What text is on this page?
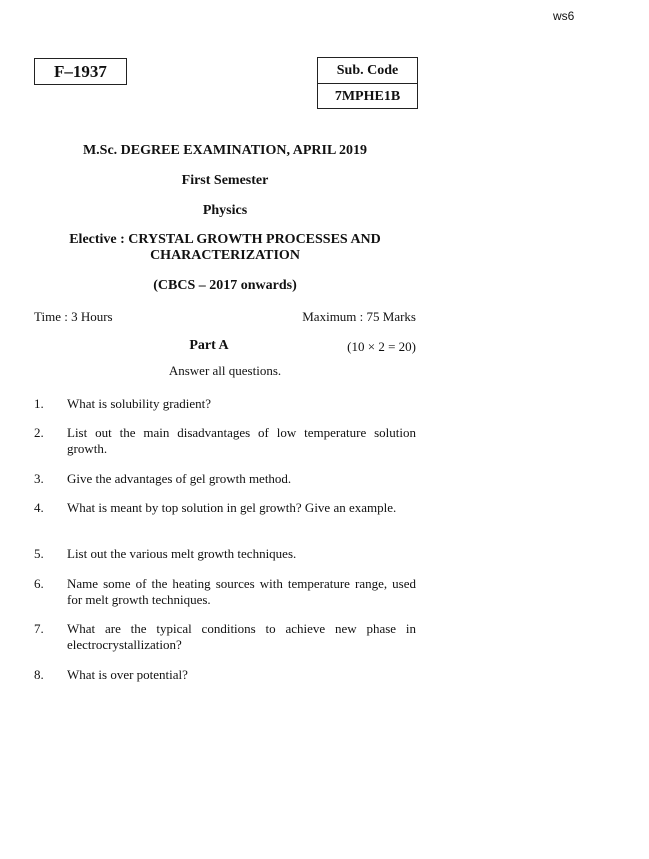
ws6
F–1937	Sub. Code
7MPHE1B
M.Sc. DEGREE EXAMINATION, APRIL 2019
First Semester
Physics
Elective : CRYSTAL GROWTH PROCESSES AND
CHARACTERIZATION
(CBCS – 2017 onwards)
Time : 3 Hours	Maximum : 75 Marks
Part A	(10 × 2 = 20)
Answer all questions.
1. What is solubility gradient?
2. List out the main disadvantages of low temperature solution growth.
3. Give the advantages of gel growth method.
4. What is meant by top solution in gel growth? Give an example.
5. List out the various melt growth techniques.
6. Name some of the heating sources with temperature range, used for melt growth techniques.
7. What are the typical conditions to achieve new phase in electrocrystallization?
8. What is over potential?
